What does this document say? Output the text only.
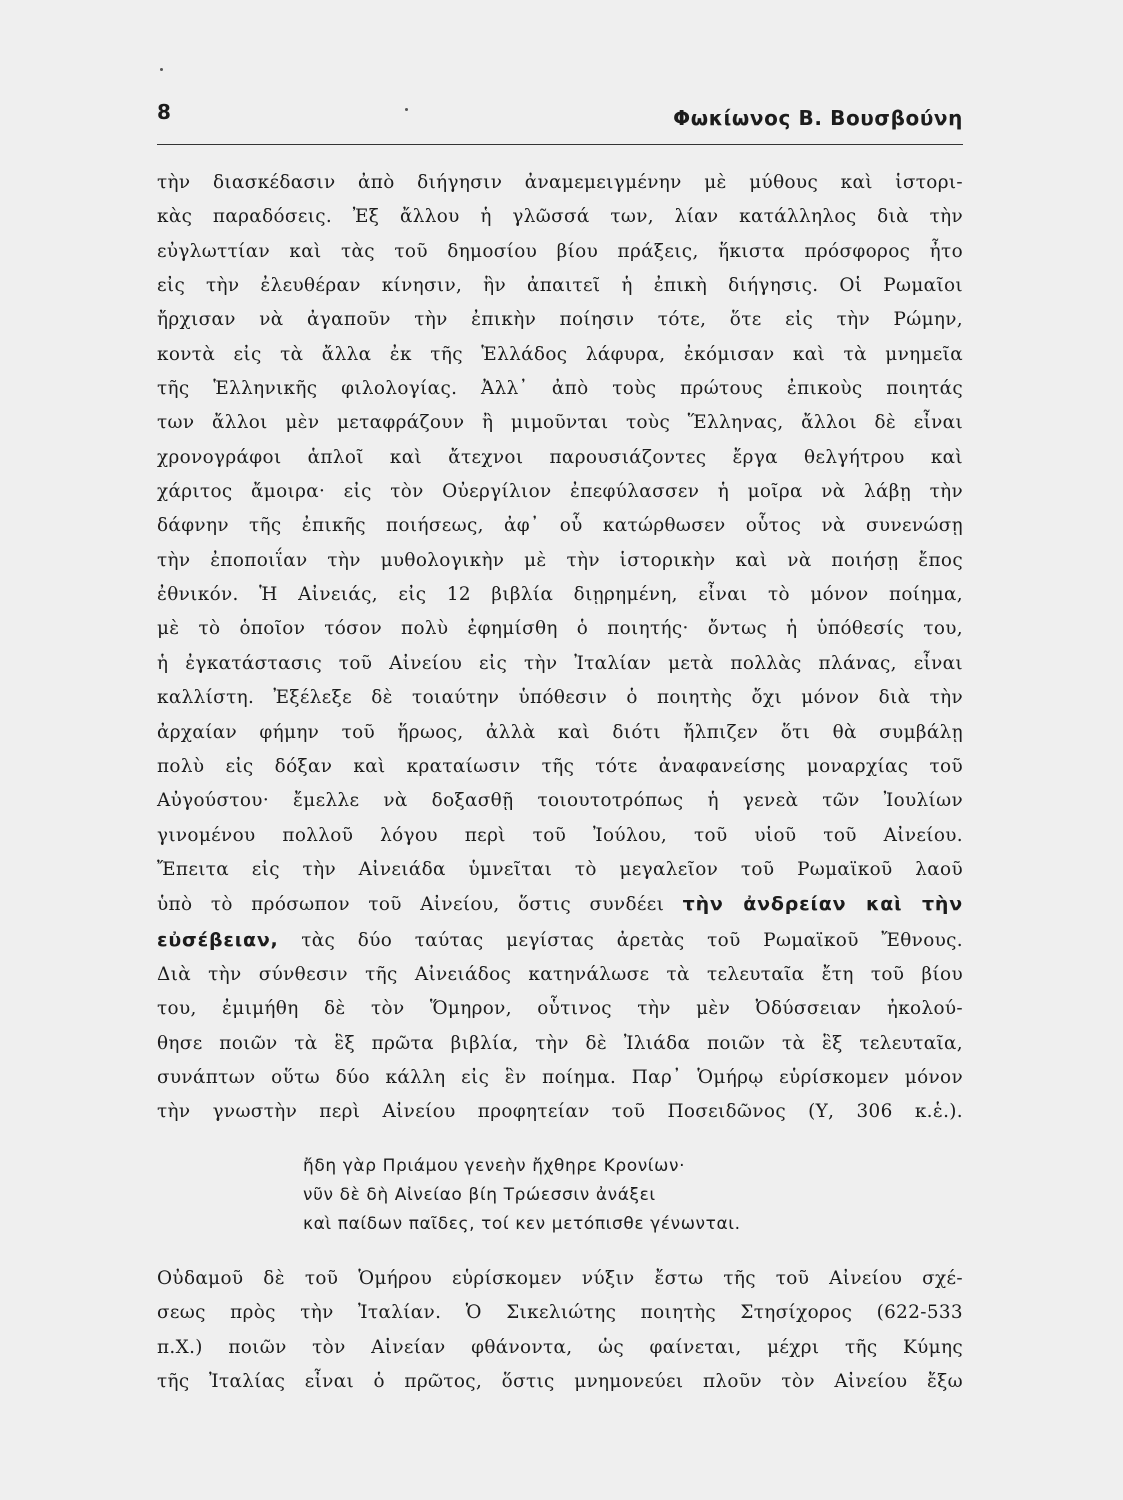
8	Φωκίωνος Β. Βουσβούνη

τὴν διασκέδασιν ἀπὸ διήγησιν ἀναμεμειγμένην μὲ μύθους καὶ ἱστορι-

κὰς παραδόσεις. Ἐξ ἄλλου ἡ γλῶσσά των, λίαν κατάλληλος διὰ τὴν

εὐγλωττίαν καὶ τὰς τοῦ δημοσίου βίου πράξεις, ἥκιστα πρόσφορος ἦτο

εἰς τὴν ἐλευθέραν κίνησιν, ἣν ἀπαιτεῖ ἡ ἐπικὴ διήγησις. Οἱ Ρωμαῖοι

ἤρχισαν νὰ ἀγαποῦν τὴν ἐπικὴν ποίησιν τότε, ὅτε εἰς τὴν Ρώμην,

κοντὰ εἰς τὰ ἄλλα ἐκ τῆς Ἑλλάδος λάφυρα, ἐκόμισαν καὶ τὰ μνημεῖα

τῆς Ἑλληνικῆς φιλολογίας. Ἀλλ᾿ ἀπὸ τοὺς πρώτους ἐπικοὺς ποιητάς

των ἄλλοι μὲν μεταφράζουν ἢ μιμοῦνται τοὺς Ἕλληνας, ἄλλοι δὲ εἶναι

χρονογράφοι ἁπλοῖ καὶ ἄτεχνοι παρουσιάζοντες ἔργα θελγήτρου καὶ

χάριτος ἄμοιρα· εἰς τὸν Οὐεργίλιον ἐπεφύλασσεν ἡ μοῖρα νὰ λάβῃ τὴν

δάφνην τῆς ἐπικῆς ποιήσεως, ἀφ᾿ οὗ κατώρθωσεν οὗτος νὰ συνενώσῃ

τὴν ἐποποιΐαν τὴν μυθολογικὴν μὲ τὴν ἱστορικὴν καὶ νὰ ποιήσῃ ἔπος

ἐθνικόν. Ἡ Αἰνειάς, εἰς 12 βιβλία διῃρημένη, εἶναι τὸ μόνον ποίημα,

μὲ τὸ ὁποῖον τόσον πολὺ ἐφημίσθη ὁ ποιητής· ὄντως ἡ ὑπόθεσίς του,

ἡ ἐγκατάστασις τοῦ Αἰνείου εἰς τὴν Ἰταλίαν μετὰ πολλὰς πλάνας, εἶναι

καλλίστη. Ἐξέλεξε δὲ τοιαύτην ὑπόθεσιν ὁ ποιητὴς ὄχι μόνον διὰ τὴν

ἀρχαίαν φήμην τοῦ ἥρωος, ἀλλὰ καὶ διότι ἤλπιζεν ὅτι θὰ συμβάλῃ

πολὺ εἰς δόξαν καὶ κραταίωσιν τῆς τότε ἀναφανείσης μοναρχίας τοῦ

Αὐγούστου· ἔμελλε νὰ δοξασθῇ τοιουτοτρόπως ἡ γενεὰ τῶν Ἰουλίων

γινομένου πολλοῦ λόγου περὶ τοῦ Ἰούλου, τοῦ υἱοῦ τοῦ Αἰνείου.

Ἔπειτα εἰς τὴν Αἰνειάδα ὑμνεῖται τὸ μεγαλεῖον τοῦ Ρωμαϊκοῦ λαοῦ

ὑπὸ τὸ πρόσωπον τοῦ Αἰνείου, ὅστις συνδέει τὴν ἀνδρείαν καὶ τὴν

εὐσέβειαν, τὰς δύο ταύτας μεγίστας ἀρετὰς τοῦ Ρωμαϊκοῦ Ἔθνους.

Διὰ τὴν σύνθεσιν τῆς Αἰνειάδος κατηνάλωσε τὰ τελευταῖα ἔτη τοῦ βίου

του, ἐμιμήθη δὲ τὸν Ὅμηρον, οὗτινος τὴν μὲν Ὀδύσσειαν ἠκολού-

θησε ποιῶν τὰ ἓξ πρῶτα βιβλία, τὴν δὲ Ἰλιάδα ποιῶν τὰ ἓξ τελευταῖα,

συνάπτων οὕτω δύο κάλλη εἰς ἓν ποίημα. Παρ᾿ Ὁμήρῳ εὑρίσκομεν μόνον

τὴν γνωστὴν περὶ Αἰνείου προφητείαν τοῦ Ποσειδῶνος (Υ, 306 κ.ἑ.).

ἤδη γὰρ Πριάμου γενεὴν ἤχθηρε Κρονίων·
νῦν δὲ δὴ Αἰνείαο βίη Τρώεσσιν ἀνάξει
καὶ παίδων παῖδες, τοί κεν μετόπισθε γένωνται.

Οὐδαμοῦ δὲ τοῦ Ὁμήρου εὑρίσκομεν νύξιν ἔστω τῆς τοῦ Αἰνείου σχέ-

σεως πρὸς τὴν Ἰταλίαν. Ὁ Σικελιώτης ποιητὴς Στησίχορος (622-533

π.Χ.) ποιῶν τὸν Αἰνείαν φθάνοντα, ὡς φαίνεται, μέχρι τῆς Κύμης

τῆς Ἰταλίας εἶναι ὁ πρῶτος, ὅστις μνημονεύει πλοῦν τὸν Αἰνείου ἔξω
